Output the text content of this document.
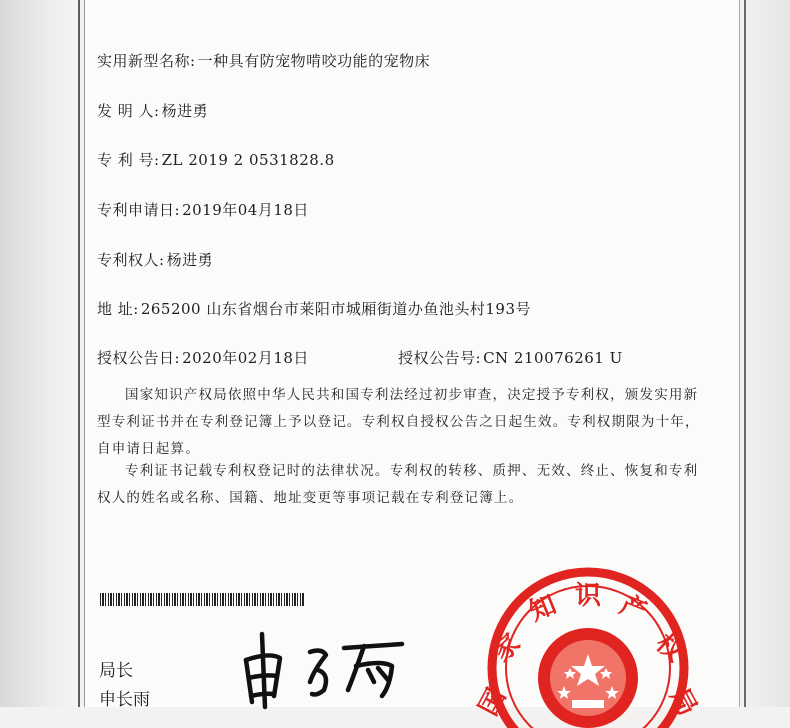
实用新型名称: 一种具有防宠物啃咬功能的宠物床
发 明 人: 杨进勇
专 利 号: ZL 2019 2 0531828.8
专利申请日: 2019年04月18日
专利权人: 杨进勇
地 址: 265200 山东省烟台市莱阳市城厢街道办鱼池头村193号
授权公告日: 2020年02月18日	授权公告号: CN 210076261 U
国家知识产权局依照中华人民共和国专利法经过初步审查，决定授予专利权，颁发实用新型专利证书并在专利登记簿上予以登记。专利权自授权公告之日起生效。专利权期限为十年，自申请日起算。
专利证书记载专利权登记时的法律状况。专利权的转移、质押、无效、终止、恢复和专利权人的姓名或名称、国籍、地址变更等事项记载在专利登记簿上。
局长
申长雨	国
家
知 识 产
权
局
